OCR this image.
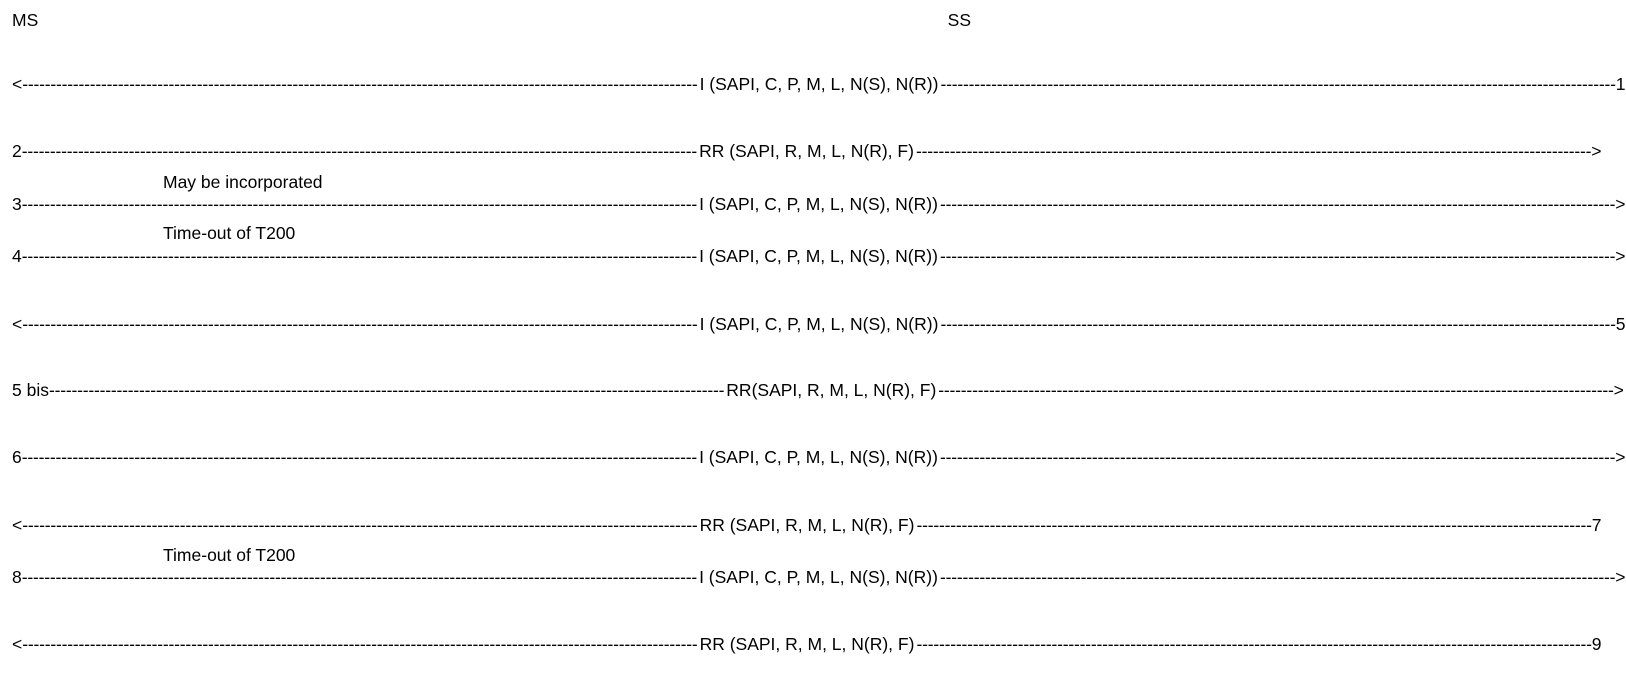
MS	SS
< ------------------------------------------------------------------------------------------------------------------------ I (SAPI, C, P, M, L, N(S), N(R)) ------------------------------------------------------------------------------------------------------------------------ 1
2 ------------------------------------------------------------------------------------------------------------------------ RR (SAPI, R, M, L, N(R), F) ------------------------------------------------------------------------------------------------------------------------ >
May be incorporated
3 ------------------------------------------------------------------------------------------------------------------------ I (SAPI, C, P, M, L, N(S), N(R)) ------------------------------------------------------------------------------------------------------------------------ >
Time-out of T200
4 ------------------------------------------------------------------------------------------------------------------------ I (SAPI, C, P, M, L, N(S), N(R)) ------------------------------------------------------------------------------------------------------------------------ >
< ------------------------------------------------------------------------------------------------------------------------ I (SAPI, C, P, M, L, N(S), N(R)) ------------------------------------------------------------------------------------------------------------------------ 5
5 bis ------------------------------------------------------------------------------------------------------------------------ RR(SAPI, R, M, L, N(R), F) ------------------------------------------------------------------------------------------------------------------------ >
6 ------------------------------------------------------------------------------------------------------------------------ I (SAPI, C, P, M, L, N(S), N(R)) ------------------------------------------------------------------------------------------------------------------------ >
< ------------------------------------------------------------------------------------------------------------------------ RR (SAPI, R, M, L, N(R), F) ------------------------------------------------------------------------------------------------------------------------ 7
Time-out of T200
8 ------------------------------------------------------------------------------------------------------------------------ I (SAPI, C, P, M, L, N(S), N(R)) ------------------------------------------------------------------------------------------------------------------------ >
< ------------------------------------------------------------------------------------------------------------------------ RR (SAPI, R, M, L, N(R), F) ------------------------------------------------------------------------------------------------------------------------ 9
